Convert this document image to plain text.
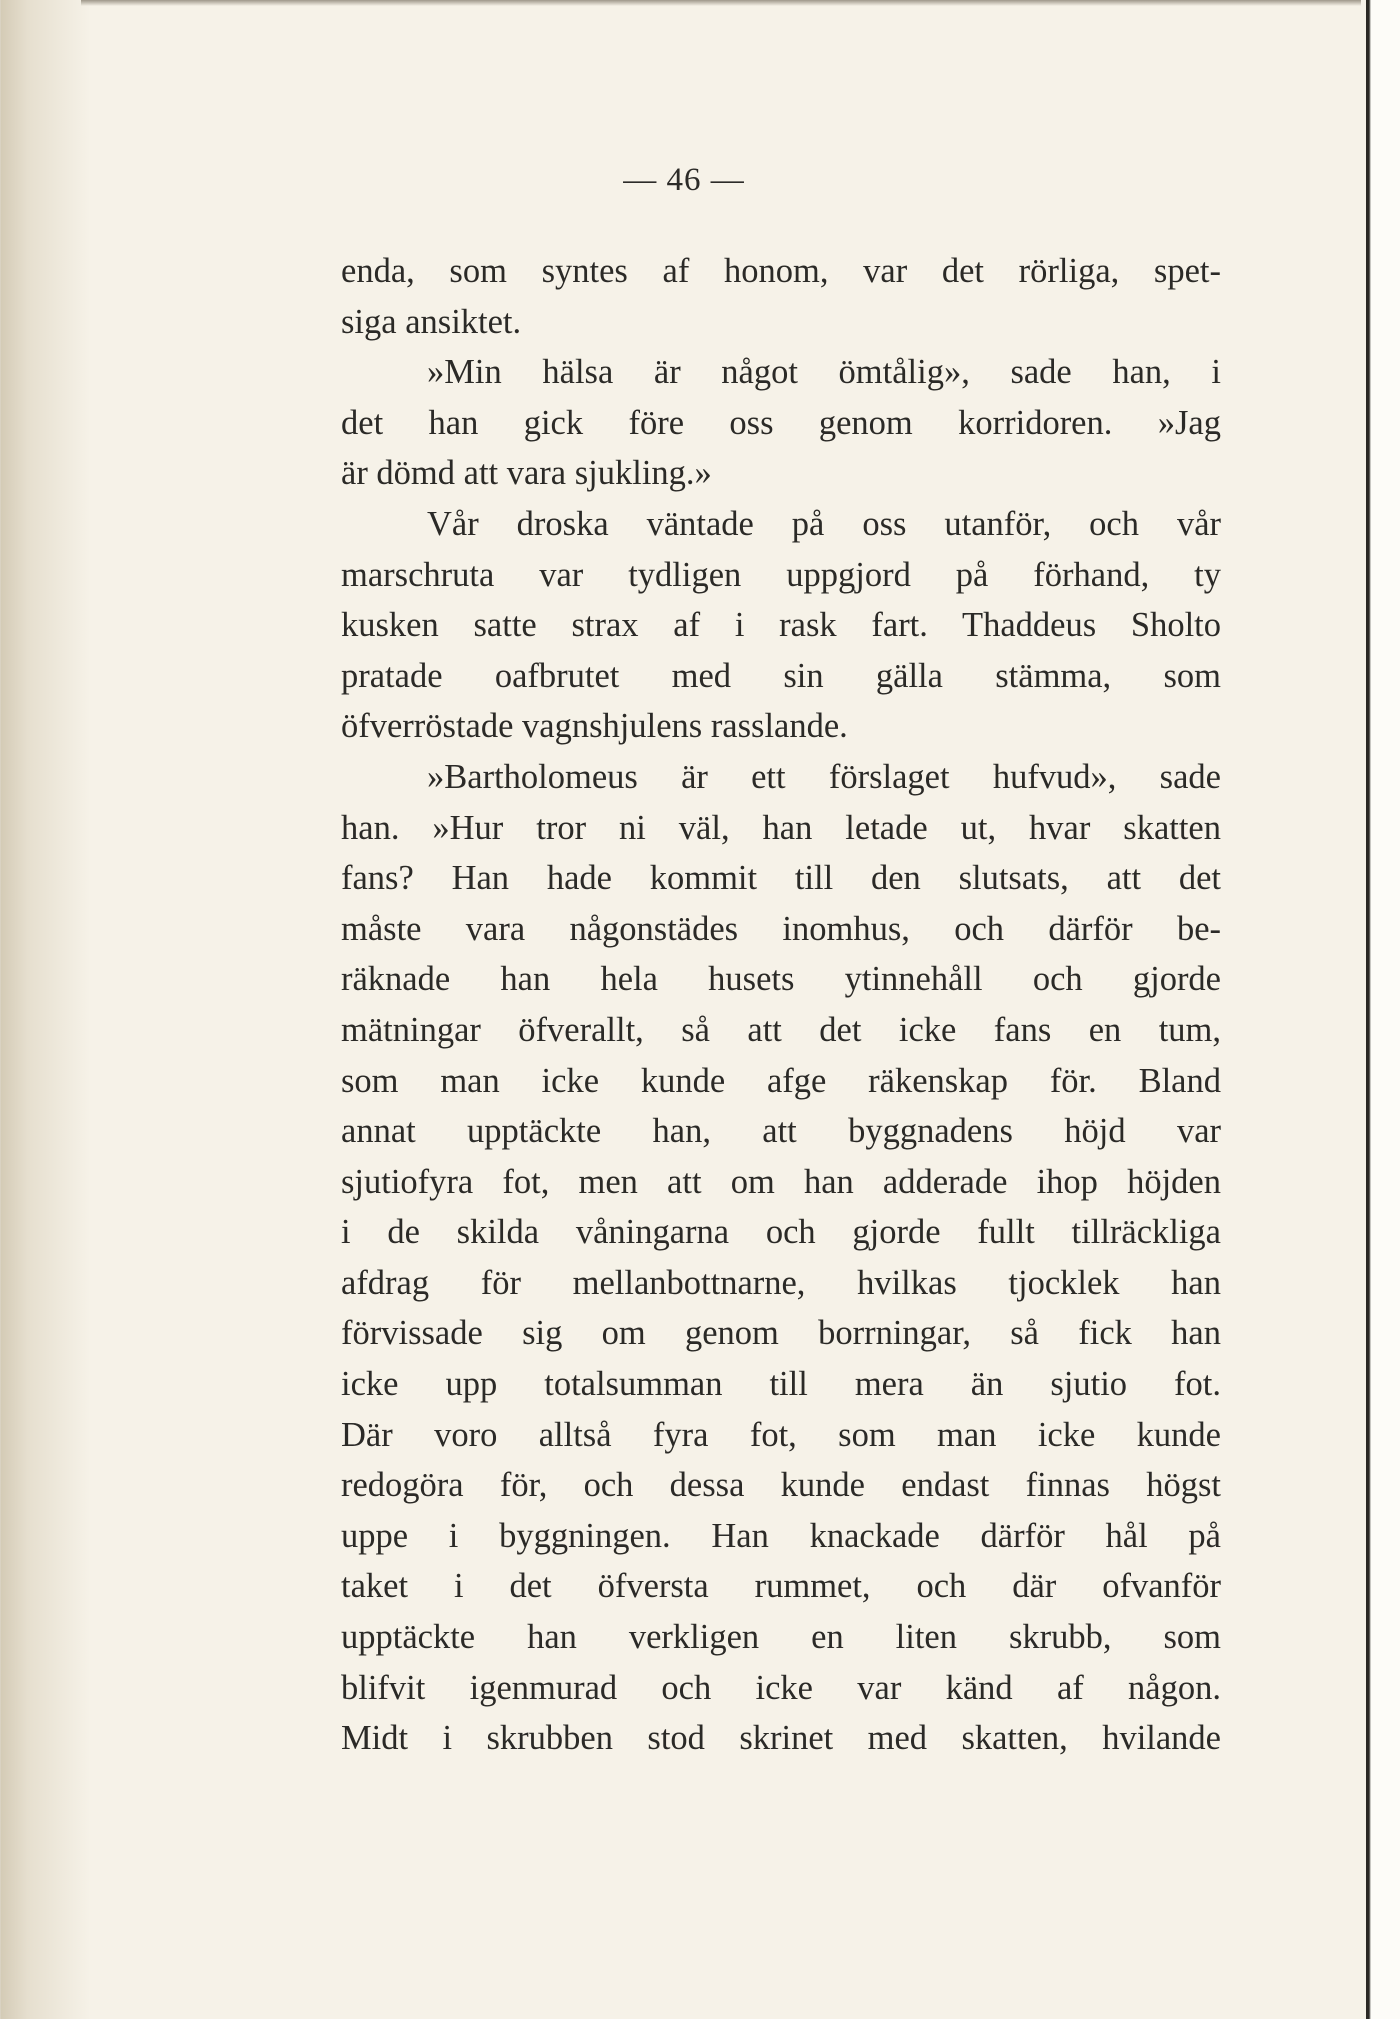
— 46 —
enda, som syntes af honom, var det rörliga, spet-
siga ansiktet.
»Min hälsa är något ömtålig», sade han, i
det han gick före oss genom korridoren. »Jag
är dömd att vara sjukling.»
Vår droska väntade på oss utanför, och vår
marschruta var tydligen uppgjord på förhand, ty
kusken satte strax af i rask fart. Thaddeus Sholto
pratade oafbrutet med sin gälla stämma, som
öfverröstade vagnshjulens rasslande.
»Bartholomeus är ett förslaget hufvud», sade
han. »Hur tror ni väl, han letade ut, hvar skatten
fans? Han hade kommit till den slutsats, att det
måste vara någonstädes inomhus, och därför be-
räknade han hela husets ytinnehåll och gjorde
mätningar öfverallt, så att det icke fans en tum,
som man icke kunde afge räkenskap för. Bland
annat upptäckte han, att byggnadens höjd var
sjutiofyra fot, men att om han adderade ihop höjden
i de skilda våningarna och gjorde fullt tillräckliga
afdrag för mellanbottnarne, hvilkas tjocklek han
förvissade sig om genom borrningar, så fick han
icke upp totalsumman till mera än sjutio fot.
Där voro alltså fyra fot, som man icke kunde
redogöra för, och dessa kunde endast finnas högst
uppe i byggningen. Han knackade därför hål på
taket i det öfversta rummet, och där ofvanför
upptäckte han verkligen en liten skrubb, som
blifvit igenmurad och icke var känd af någon.
Midt i skrubben stod skrinet med skatten, hvilande
